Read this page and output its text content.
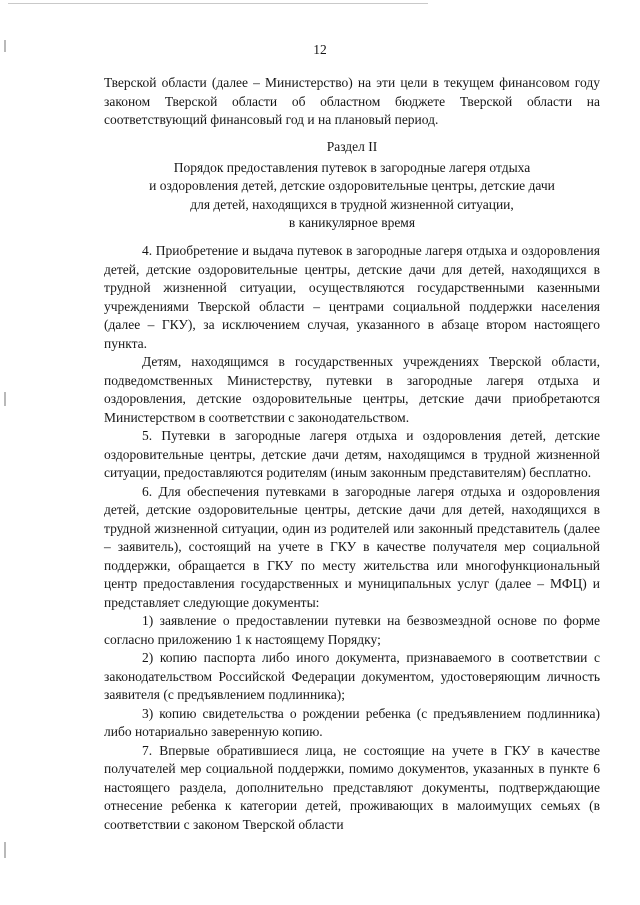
12
Тверской области (далее – Министерство) на эти цели в текущем финансовом году законом Тверской области об областном бюджете Тверской области на соответствующий финансовый год и на плановый период.
Раздел II
Порядок предоставления путевок в загородные лагеря отдыха
и оздоровления детей, детские оздоровительные центры, детские дачи
для детей, находящихся в трудной жизненной ситуации,
в каникулярное время

4. Приобретение и выдача путевок в загородные лагеря отдыха и оздоровления детей, детские оздоровительные центры, детские дачи для детей, находящихся в трудной жизненной ситуации, осуществляются государственными казенными учреждениями Тверской области – центрами социальной поддержки населения (далее – ГКУ), за исключением случая, указанного в абзаце втором настоящего пункта.

Детям, находящимся в государственных учреждениях Тверской области, подведомственных Министерству, путевки в загородные лагеря отдыха и оздоровления, детские оздоровительные центры, детские дачи приобретаются Министерством в соответствии с законодательством.

5. Путевки в загородные лагеря отдыха и оздоровления детей, детские оздоровительные центры, детские дачи детям, находящимся в трудной жизненной ситуации, предоставляются родителям (иным законным представителям) бесплатно.

6. Для обеспечения путевками в загородные лагеря отдыха и оздоровления детей, детские оздоровительные центры, детские дачи для детей, находящихся в трудной жизненной ситуации, один из родителей или законный представитель (далее – заявитель), состоящий на учете в ГКУ в качестве получателя мер социальной поддержки, обращается в ГКУ по месту жительства или многофункциональный центр предоставления государственных и муниципальных услуг (далее – МФЦ) и представляет следующие документы:

1) заявление о предоставлении путевки на безвозмездной основе по форме согласно приложению 1 к настоящему Порядку;

2) копию паспорта либо иного документа, признаваемого в соответствии с законодательством Российской Федерации документом, удостоверяющим личность заявителя (с предъявлением подлинника);

3) копию свидетельства о рождении ребенка (с предъявлением подлинника) либо нотариально заверенную копию.

7. Впервые обратившиеся лица, не состоящие на учете в ГКУ в качестве получателей мер социальной поддержки, помимо документов, указанных в пункте 6 настоящего раздела, дополнительно представляют документы, подтверждающие отнесение ребенка к категории детей, проживающих в малоимущих семьях (в соответствии с законом Тверской области
